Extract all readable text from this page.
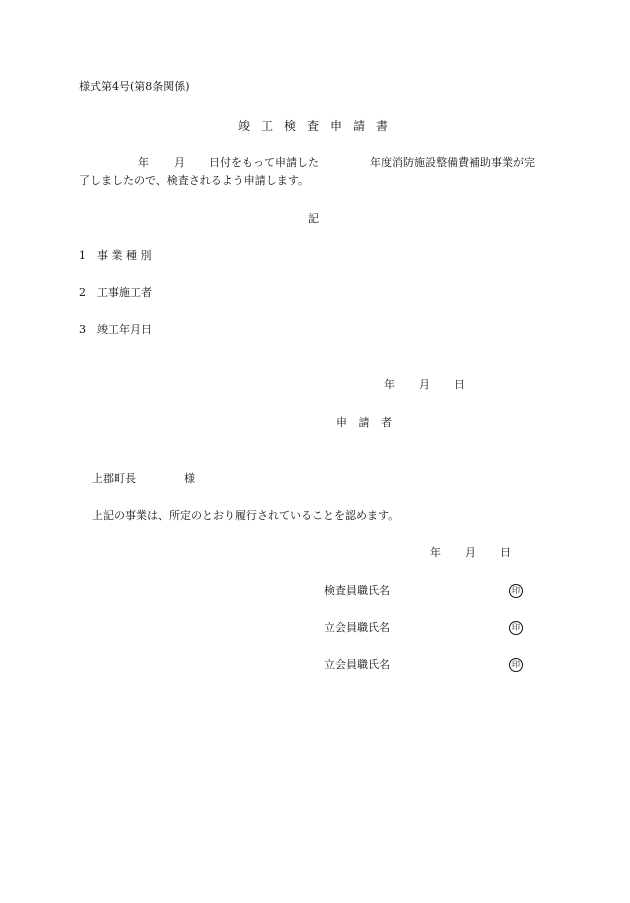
様式第4号(第8条関係)
竣工検査申請書
年 月 日付をもって申請した	年度消防施設整備費補助事業が完
了しましたので、検査されるよう申請します。
記
1 事 業 種 別
2 工事施工者
3 竣工年月日
年 月 日
申 請 者
上郡町長	様
上記の事業は、所定のとおり履行されていることを認めます。
年 月 日
検査員職氏名	印
立会員職氏名	印
立会員職氏名	印
